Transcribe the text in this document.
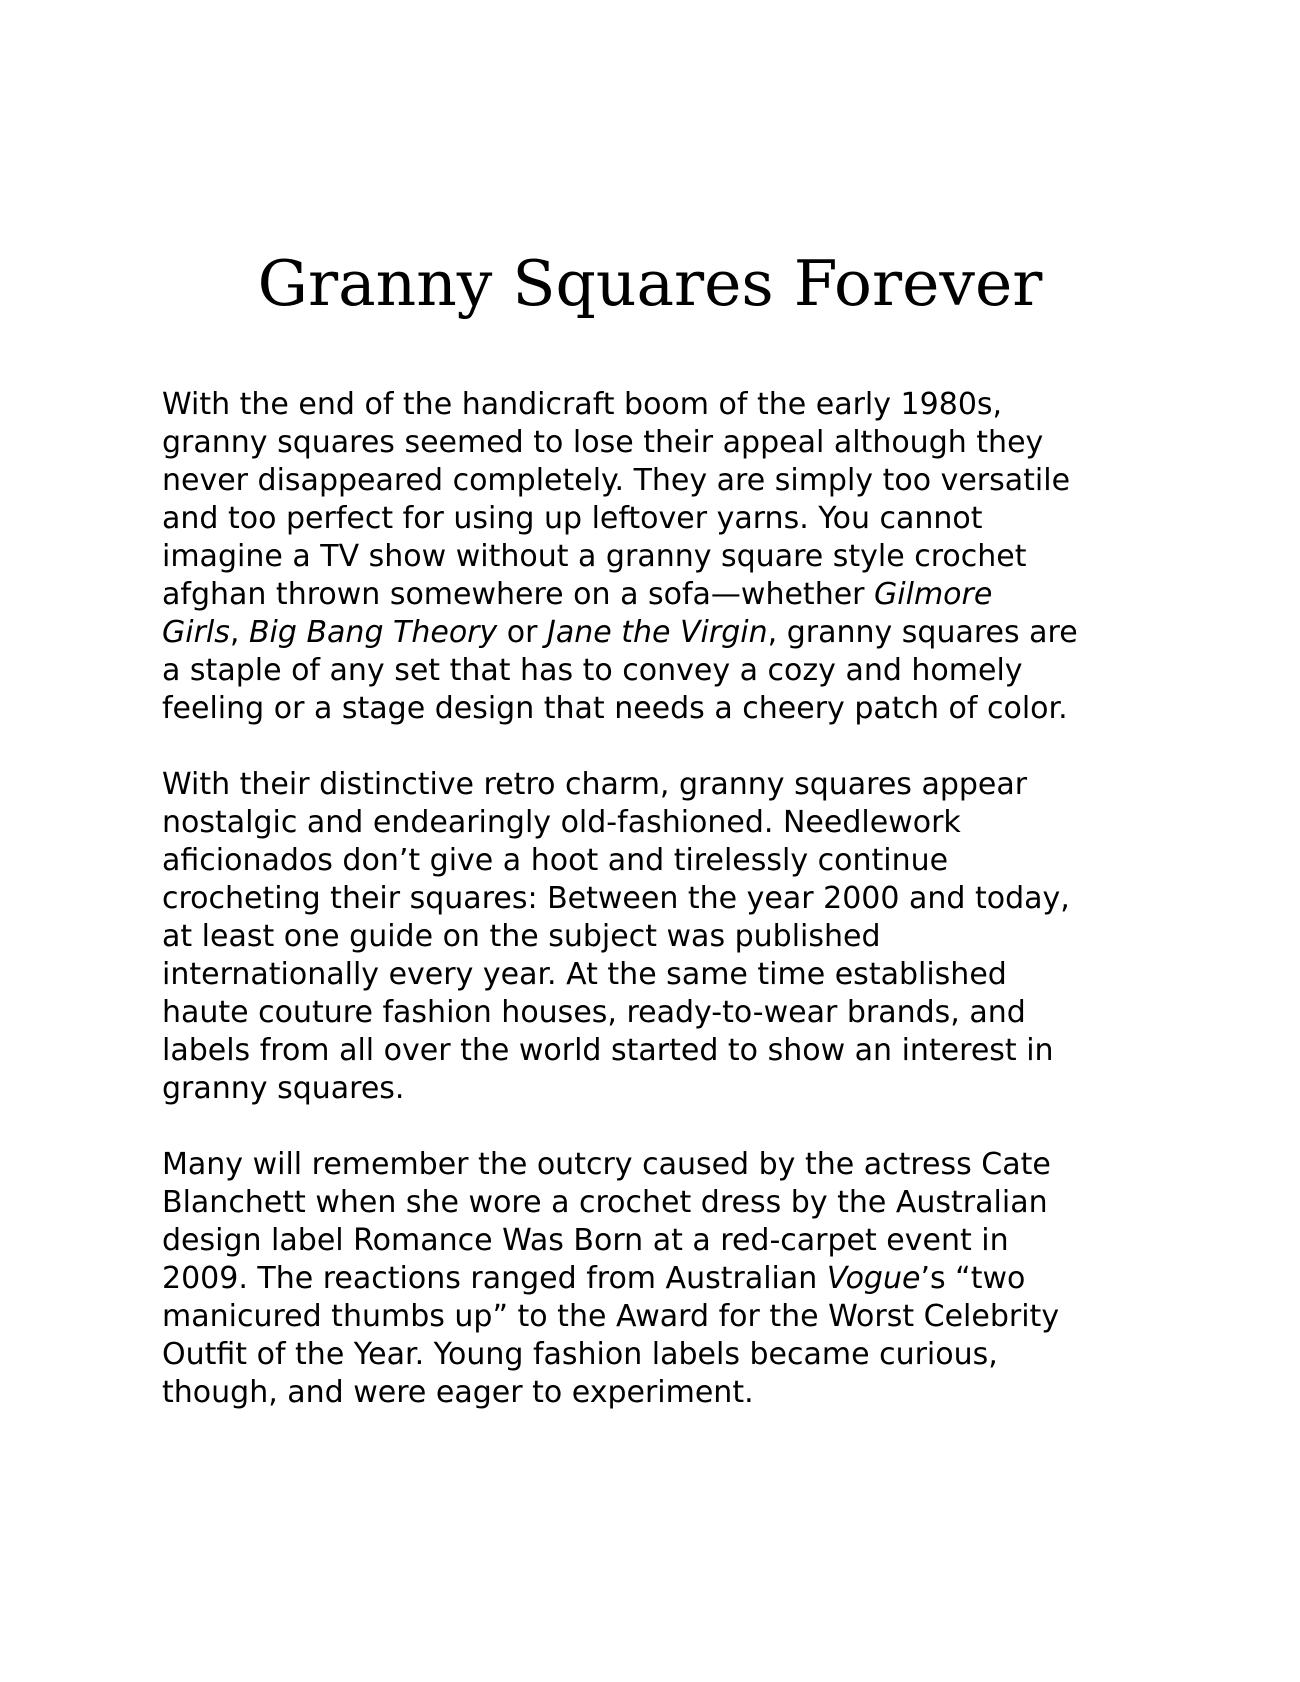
Granny Squares Forever

With the end of the handicraft boom of the early 1980s,
granny squares seemed to lose their appeal although they
never disappeared completely. They are simply too versatile
and too perfect for using up leftover yarns. You cannot
imagine a TV show without a granny square style crochet
afghan thrown somewhere on a sofa—whether Gilmore
Girls, Big Bang Theory or Jane the Virgin, granny squares are
a staple of any set that has to convey a cozy and homely
feeling or a stage design that needs a cheery patch of color.

With their distinctive retro charm, granny squares appear
nostalgic and endearingly old-fashioned. Needlework
aficionados don’t give a hoot and tirelessly continue
crocheting their squares: Between the year 2000 and today,
at least one guide on the subject was published
internationally every year. At the same time established
haute couture fashion houses, ready-to-wear brands, and
labels from all over the world started to show an interest in
granny squares.

Many will remember the outcry caused by the actress Cate
Blanchett when she wore a crochet dress by the Australian
design label Romance Was Born at a red-carpet event in
2009. The reactions ranged from Australian Vogue’s “two
manicured thumbs up” to the Award for the Worst Celebrity
Outfit of the Year. Young fashion labels became curious,
though, and were eager to experiment.
